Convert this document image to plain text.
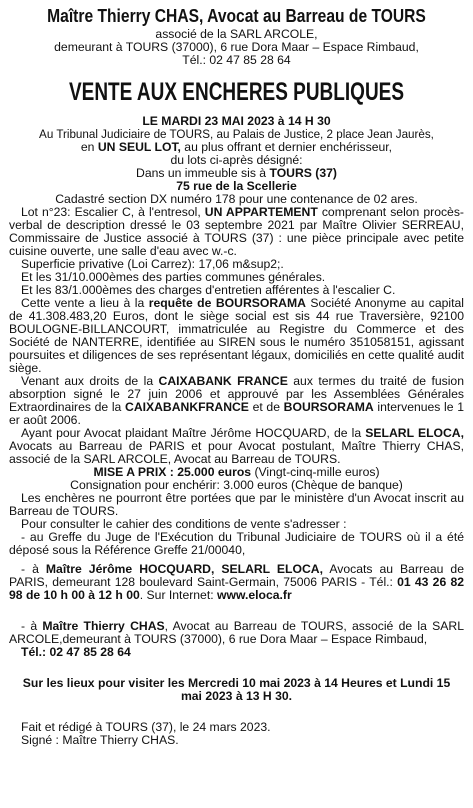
Maître Thierry CHAS, Avocat au Barreau de TOURS
associé de la SARL ARCOLE,
demeurant à TOURS (37000), 6 rue Dora Maar – Espace Rimbaud,
Tél.: 02 47 85 28 64
VENTE AUX ENCHERES PUBLIQUES
LE MARDI 23 MAI 2023 à 14 H 30
Au Tribunal Judiciaire de TOURS, au Palais de Justice, 2 place Jean Jaurès,
en UN SEUL LOT, au plus offrant et dernier enchérisseur,
du lots ci-après désigné:
Dans un immeuble sis à TOURS (37)
75 rue de la Scellerie
Cadastré section DX numéro 178 pour une contenance de 02 ares.
Lot n°23: Escalier C, à l'entresol, UN APPARTEMENT comprenant selon procès-verbal de description dressé le 03 septembre 2021 par Maître Olivier SERREAU, Commissaire de Justice associé à TOURS (37) : une pièce principale avec petite cuisine ouverte, une salle d'eau avec w.-c.
Superficie privative (Loi Carrez): 17,06 m&sup2;.
Et les 31/10.000èmes des parties communes générales.
Et les 83/1.000èmes des charges d'entretien afférentes à l'escalier C.
Cette vente a lieu à la requête de BOURSORAMA Société Anonyme au capital de 41.308.483,20 Euros, dont le siège social est sis 44 rue Traversière, 92100 BOULOGNE-BILLANCOURT, immatriculée au Registre du Commerce et des Société de NANTERRE, identifiée au SIREN sous le numéro 351058151, agissant poursuites et diligences de ses représentant légaux, domiciliés en cette qualité audit siège.
Venant aux droits de la CAIXABANK FRANCE aux termes du traité de fusion absorption signé le 27 juin 2006 et approuvé par les Assemblées Générales Extraordinaires de la CAIXABANKFRANCE et de BOURSORAMA intervenues le 1 er août 2006.
Ayant pour Avocat plaidant Maître Jérôme HOCQUARD, de la SELARL ELOCA, Avocats au Barreau de PARIS et pour Avocat postulant, Maître Thierry CHAS, associé de la SARL ARCOLE, Avocat au Barreau de TOURS.
MISE A PRIX : 25.000 euros (Vingt-cinq-mille euros)
Consignation pour enchérir: 3.000 euros (Chèque de banque)
Les enchères ne pourront être portées que par le ministère d'un Avocat inscrit au Barreau de TOURS.
Pour consulter le cahier des conditions de vente s'adresser :
- au Greffe du Juge de l'Exécution du Tribunal Judiciaire de TOURS où il a été déposé sous la Référence Greffe 21/00040,
- à Maître Jérôme HOCQUARD, SELARL ELOCA, Avocats au Barreau de PARIS, demeurant 128 boulevard Saint-Germain, 75006 PARIS - Tél.: 01 43 26 82 98 de 10 h 00 à 12 h 00. Sur Internet: www.eloca.fr
- à Maître Thierry CHAS, Avocat au Barreau de TOURS, associé de la SARL ARCOLE,demeurant à TOURS (37000), 6 rue Dora Maar – Espace Rimbaud,
Tél.: 02 47 85 28 64
Sur les lieux pour visiter les Mercredi 10 mai 2023 à 14 Heures et Lundi 15 mai 2023 à 13 H 30.
Fait et rédigé à TOURS (37), le 24 mars 2023.
Signé : Maître Thierry CHAS.
